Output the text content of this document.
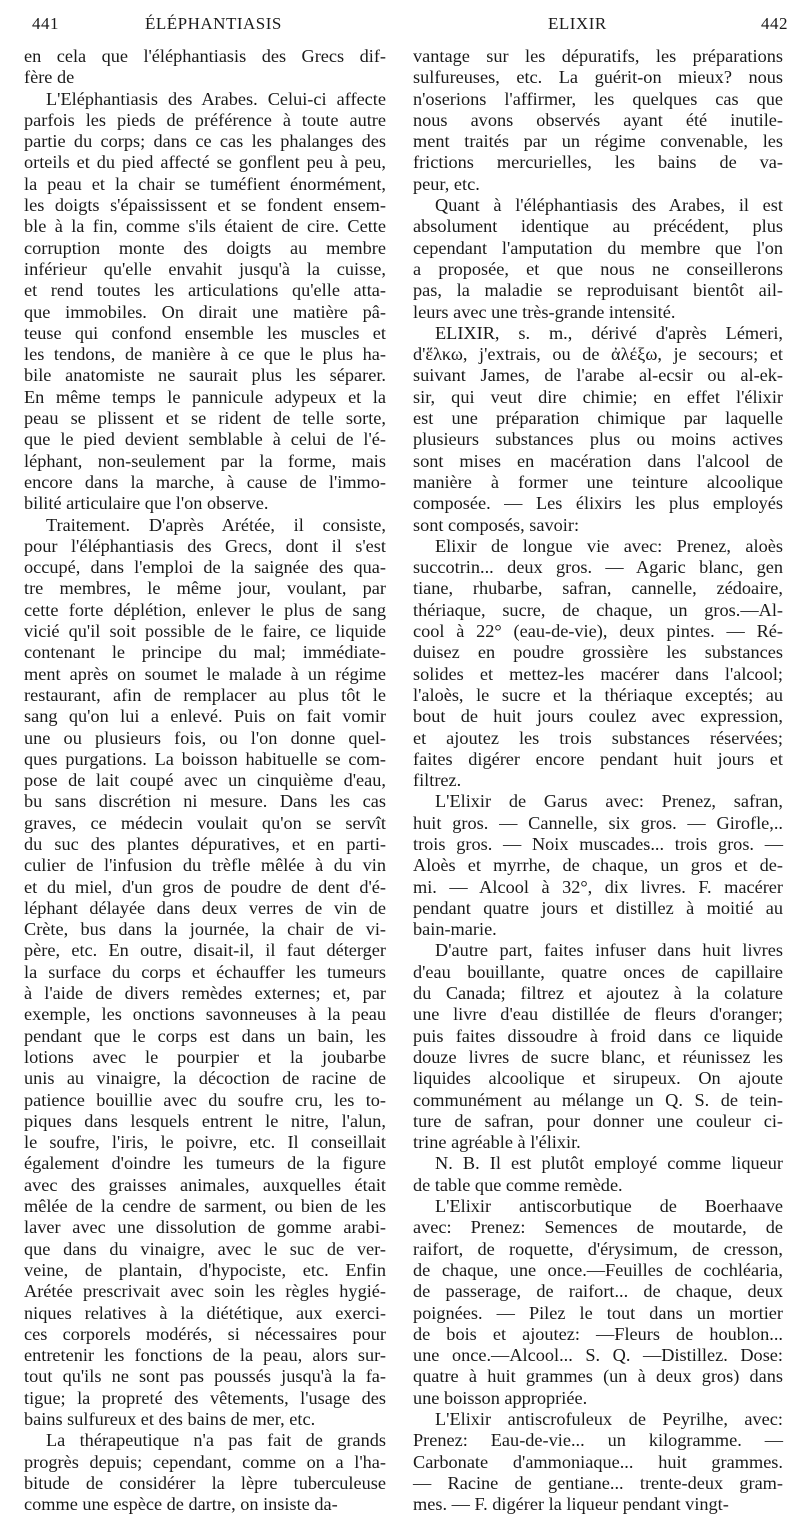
441	ÉLÉPHANTIASIS	ELIXIR	442

en cela que l'éléphantiasis des Grecs dif-
fère de

L'Eléphantiasis des Arabes. Celui-ci affecte
parfois les pieds de préférence à toute autre
partie du corps; dans ce cas les phalanges des
orteils et du pied affecté se gonflent peu à peu,
la peau et la chair se tuméfient énormément,
les doigts s'épaississent et se fondent ensem-
ble à la fin, comme s'ils étaient de cire. Cette
corruption monte des doigts au membre
inférieur qu'elle envahit jusqu'à la cuisse,
et rend toutes les articulations qu'elle atta-
que immobiles. On dirait une matière pâ-
teuse qui confond ensemble les muscles et
les tendons, de manière à ce que le plus ha-
bile anatomiste ne saurait plus les séparer.
En même temps le pannicule adypeux et la
peau se plissent et se rident de telle sorte,
que le pied devient semblable à celui de l'é-
léphant, non-seulement par la forme, mais
encore dans la marche, à cause de l'immo-
bilité articulaire que l'on observe.

Traitement. D'après Arétée, il consiste,
pour l'éléphantiasis des Grecs, dont il s'est
occupé, dans l'emploi de la saignée des qua-
tre membres, le même jour, voulant, par
cette forte déplétion, enlever le plus de sang
vicié qu'il soit possible de le faire, ce liquide
contenant le principe du mal; immédiate-
ment après on soumet le malade à un régime
restaurant, afin de remplacer au plus tôt le
sang qu'on lui a enlevé. Puis on fait vomir
une ou plusieurs fois, ou l'on donne quel-
ques purgations. La boisson habituelle se com-
pose de lait coupé avec un cinquième d'eau,
bu sans discrétion ni mesure. Dans les cas
graves, ce médecin voulait qu'on se servît
du suc des plantes dépuratives, et en parti-
culier de l'infusion du trèfle mêlée à du vin
et du miel, d'un gros de poudre de dent d'é-
léphant délayée dans deux verres de vin de
Crète, bus dans la journée, la chair de vi-
père, etc. En outre, disait-il, il faut déterger
la surface du corps et échauffer les tumeurs
à l'aide de divers remèdes externes; et, par
exemple, les onctions savonneuses à la peau
pendant que le corps est dans un bain, les
lotions avec le pourpier et la joubarbe
unis au vinaigre, la décoction de racine de
patience bouillie avec du soufre cru, les to-
piques dans lesquels entrent le nitre, l'alun,
le soufre, l'iris, le poivre, etc. Il conseillait
également d'oindre les tumeurs de la figure
avec des graisses animales, auxquelles était
mêlée de la cendre de sarment, ou bien de les
laver avec une dissolution de gomme arabi-
que dans du vinaigre, avec le suc de ver-
veine, de plantain, d'hypociste, etc. Enfin
Arétée prescrivait avec soin les règles hygié-
niques relatives à la diététique, aux exerci-
ces corporels modérés, si nécessaires pour
entretenir les fonctions de la peau, alors sur-
tout qu'ils ne sont pas poussés jusqu'à la fa-
tigue; la propreté des vêtements, l'usage des
bains sulfureux et des bains de mer, etc.

La thérapeutique n'a pas fait de grands
progrès depuis; cependant, comme on a l'ha-
bitude de considérer la lèpre tuberculeuse
comme une espèce de dartre, on insiste da-

vantage sur les dépuratifs, les préparations
sulfureuses, etc. La guérit-on mieux? nous
n'oserions l'affirmer, les quelques cas que
nous avons observés ayant été inutile-
ment traités par un régime convenable, les
frictions mercurielles, les bains de va-
peur, etc.

Quant à l'éléphantiasis des Arabes, il est
absolument identique au précédent, plus
cependant l'amputation du membre que l'on
a proposée, et que nous ne conseillerons
pas, la maladie se reproduisant bientôt ail-
leurs avec une très-grande intensité.

ELIXIR, s. m., dérivé d'après Lémeri,
d'ἕλκω, j'extrais, ou de ἀλέξω, je secours; et
suivant James, de l'arabe al-ecsir ou al-ek-
sir, qui veut dire chimie; en effet l'élixir
est une préparation chimique par laquelle
plusieurs substances plus ou moins actives
sont mises en macération dans l'alcool de
manière à former une teinture alcoolique
composée. — Les élixirs les plus employés
sont composés, savoir:

Elixir de longue vie avec: Prenez, aloès
succotrin... deux gros. — Agaric blanc, gen
tiane, rhubarbe, safran, cannelle, zédoaire,
thériaque, sucre, de chaque, un gros.—Al-
cool à 22° (eau-de-vie), deux pintes. — Ré-
duisez en poudre grossière les substances
solides et mettez-les macérer dans l'alcool;
l'aloès, le sucre et la thériaque exceptés; au
bout de huit jours coulez avec expression,
et ajoutez les trois substances réservées;
faites digérer encore pendant huit jours et
filtrez.

L'Elixir de Garus avec: Prenez, safran,
huit gros. — Cannelle, six gros. — Girofle,..
trois gros. — Noix muscades... trois gros. —
Aloès et myrrhe, de chaque, un gros et de-
mi. — Alcool à 32°, dix livres. F. macérer
pendant quatre jours et distillez à moitié au
bain-marie.

D'autre part, faites infuser dans huit livres
d'eau bouillante, quatre onces de capillaire
du Canada; filtrez et ajoutez à la colature
une livre d'eau distillée de fleurs d'oranger;
puis faites dissoudre à froid dans ce liquide
douze livres de sucre blanc, et réunissez les
liquides alcoolique et sirupeux. On ajoute
communément au mélange un Q. S. de tein-
ture de safran, pour donner une couleur ci-
trine agréable à l'élixir.

N. B. Il est plutôt employé comme liqueur
de table que comme remède.

L'Elixir antiscorbutique de Boerhaave
avec: Prenez: Semences de moutarde, de
raifort, de roquette, d'érysimum, de cresson,
de chaque, une once.—Feuilles de cochléaria,
de passerage, de raifort... de chaque, deux
poignées. — Pilez le tout dans un mortier
de bois et ajoutez: —Fleurs de houblon...
une once.—Alcool... S. Q. —Distillez. Dose:
quatre à huit grammes (un à deux gros) dans
une boisson appropriée.

L'Elixir antiscrofuleux de Peyrilhe, avec:
Prenez: Eau-de-vie... un kilogramme. —
Carbonate d'ammoniaque... huit grammes.
— Racine de gentiane... trente-deux gram-
mes. — F. digérer la liqueur pendant vingt-
